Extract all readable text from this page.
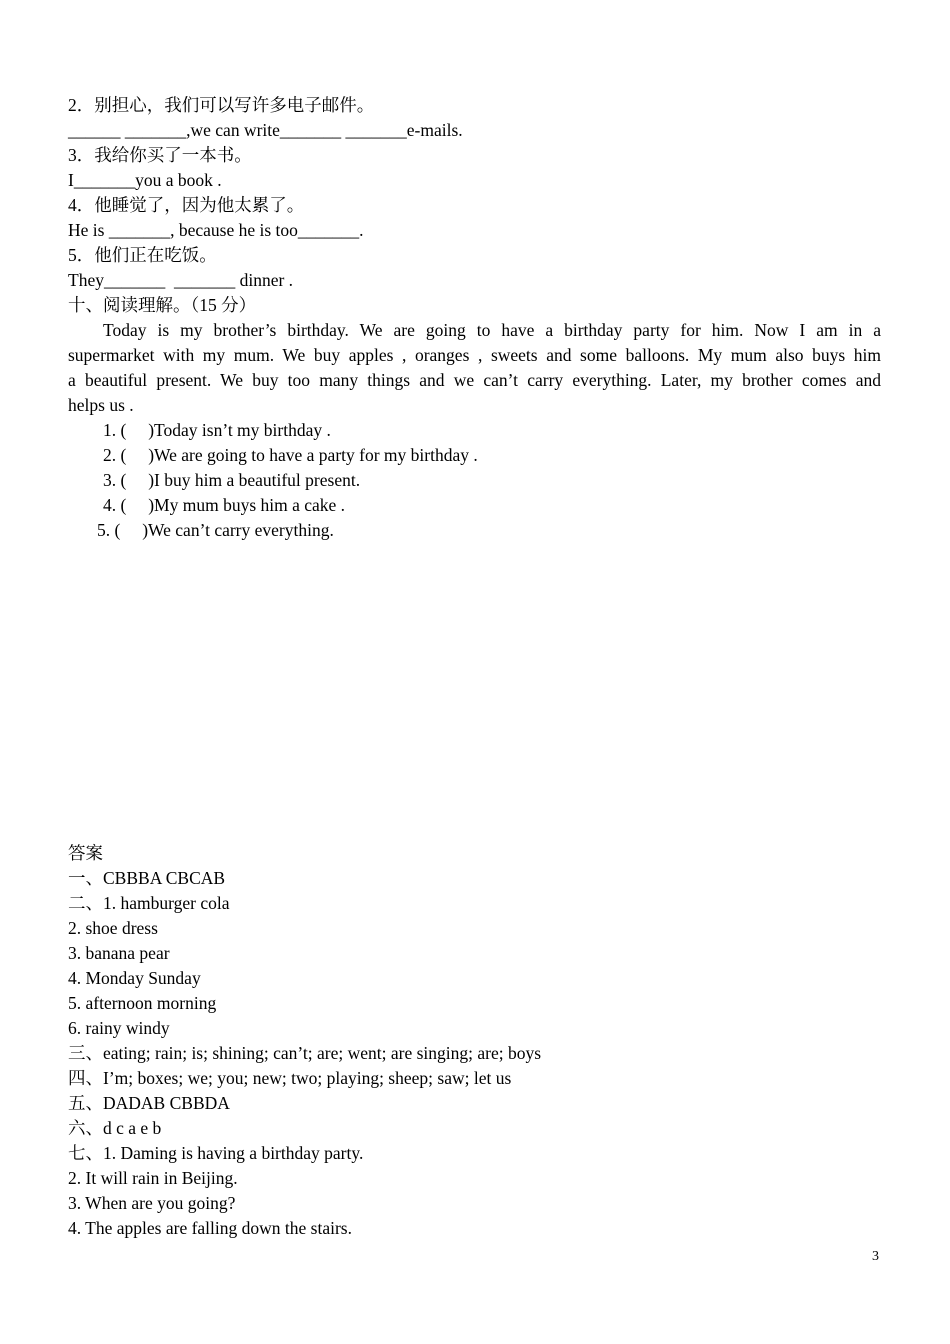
2．别担心，我们可以写许多电子邮件。
______ _______,we can write_______ _______e-mails.
3．我给你买了一本书。
I_______you a book .
4．他睡觉了，因为他太累了。
He is _______, because he is too_______.
5．他们正在吃饭。
They_______  _______ dinner .
十、阅读理解。（15 分）
Today is my brother’s birthday. We are going to have a birthday party for him. Now I am in a
supermarket with my mum. We buy apples , oranges , sweets and some balloons. My mum also buys him
a beautiful present. We buy too many things and we can’t carry everything. Later, my brother comes and
helps us .
1. (     )Today isn’t my birthday .
2. (     )We are going to have a party for my birthday .
3. (     )I buy him a beautiful present.
4. (     )My mum buys him a cake .
5. (     )We can’t carry everything.
答案
一、CBBBA CBCAB
二、1. hamburger cola
2. shoe dress
3. banana pear
4. Monday Sunday
5. afternoon morning
6. rainy windy
三、eating; rain; is; shining; can’t; are; went; are singing; are; boys
四、I’m; boxes; we; you; new; two; playing; sheep; saw; let us
五、DADAB CBBDA
六、d c a e b
七、1. Daming is having a birthday party.
2. It will rain in Beijing.
3. When are you going?
4. The apples are falling down the stairs.
3
